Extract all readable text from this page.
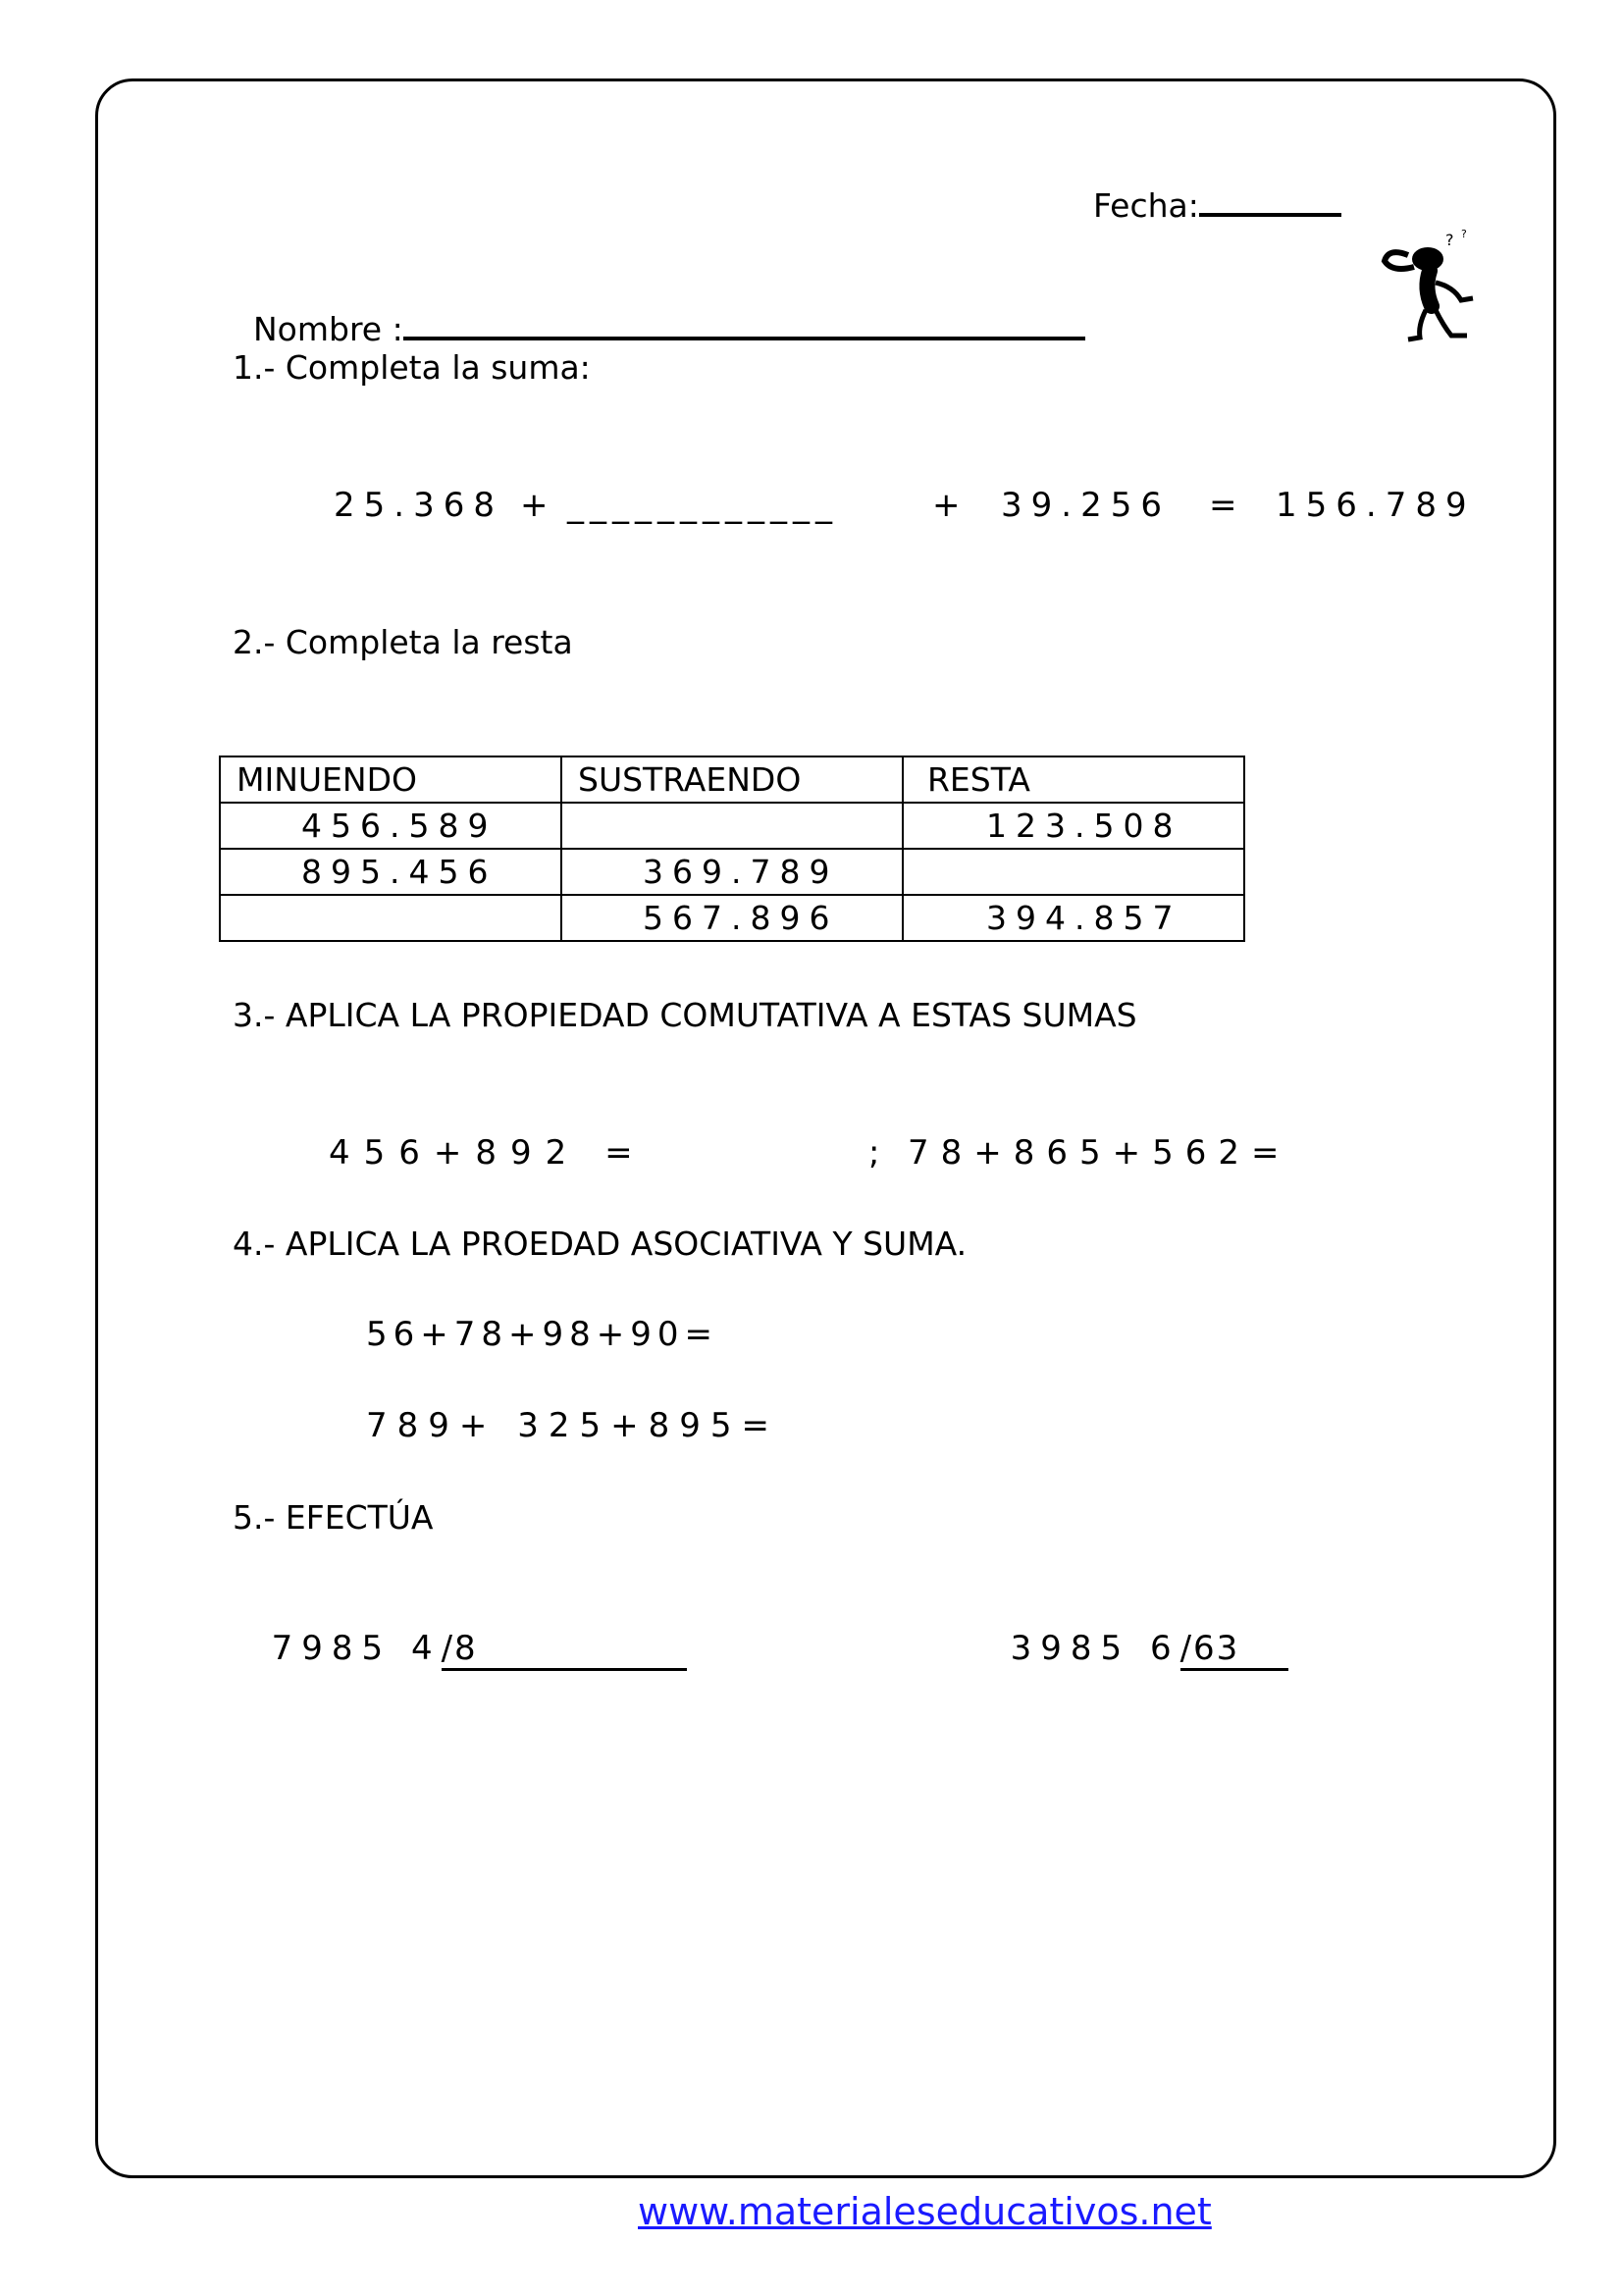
Fecha:

Nombre :

? ?
1.- Completa la suma:
25.368 + ____________	+ 39.256 = 156.789
2.- Completa la resta
MINUENDO	SUSTRAENDO	RESTA
456.589		123.508
895.456	369.789	
	567.896	394.857
3.- APLICA LA PROPIEDAD COMUTATIVA A ESTAS SUMAS
456+892 =	; 78+865+562=
4.- APLICA LA PROEDAD ASOCIATIVA Y SUMA.
56+78+98+90=
789+ 325+895=
5.- EFECTÚA

7985 4/8	3985 6/63

www.materialeseducativos.net
